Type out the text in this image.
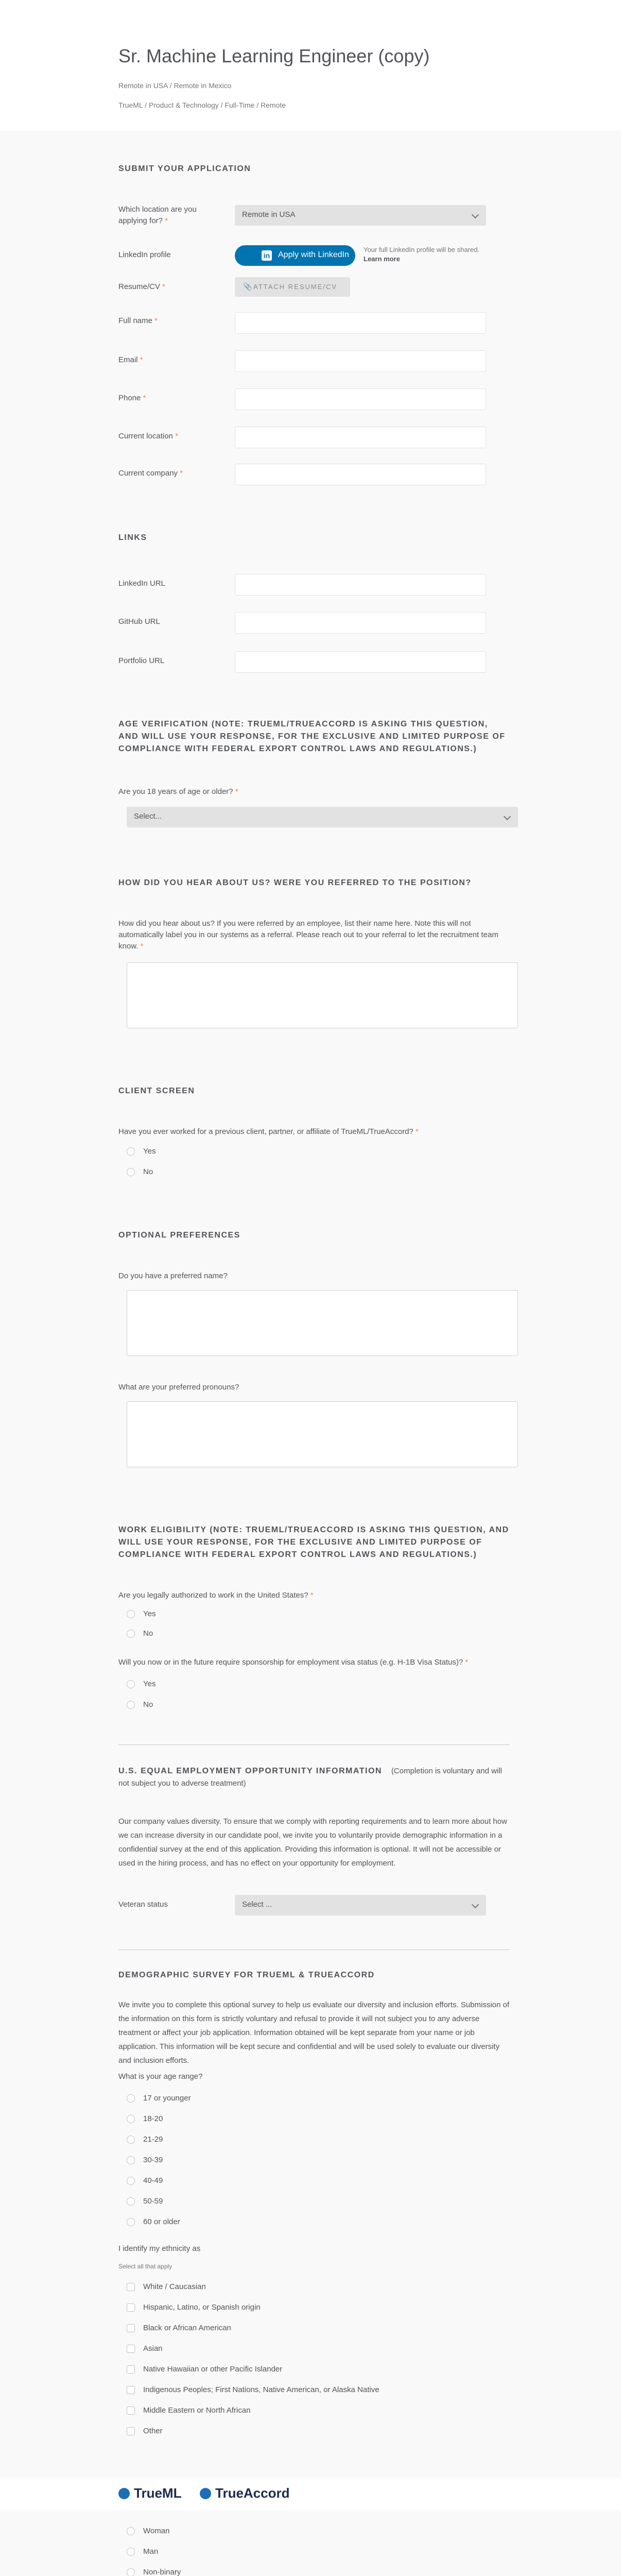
Sr. Machine Learning Engineer (copy)
Remote in USA / Remote in Mexico
TrueML / Product & Technology / Full-Time / Remote
SUBMIT YOUR APPLICATION
Which location are you applying for? *
Remote in USA
LinkedIn profile	in Apply with LinkedIn
Your full LinkedIn profile will be shared. Learn more
Resume/CV *	📎 ATTACH RESUME/CV
Full name *
Email *
Phone *
Current location *
Current company *
LINKS
LinkedIn URL
GitHub URL
Portfolio URL
AGE VERIFICATION (NOTE: TRUEML/TRUEACCORD IS ASKING THIS QUESTION, AND WILL USE YOUR RESPONSE, FOR THE EXCLUSIVE AND LIMITED PURPOSE OF COMPLIANCE WITH FEDERAL EXPORT CONTROL LAWS AND REGULATIONS.)
Are you 18 years of age or older? *
Select...
HOW DID YOU HEAR ABOUT US? WERE YOU REFERRED TO THE POSITION?
How did you hear about us? If you were referred by an employee, list their name here. Note this will not automatically label you in our systems as a referral. Please reach out to your referral to let the recruitment team know. *
CLIENT SCREEN
Have you ever worked for a previous client, partner, or affiliate of TrueML/TrueAccord? *
Yes
No
OPTIONAL PREFERENCES
Do you have a preferred name?
What are your preferred pronouns?
WORK ELIGIBILITY (NOTE: TRUEML/TRUEACCORD IS ASKING THIS QUESTION, AND WILL USE YOUR RESPONSE, FOR THE EXCLUSIVE AND LIMITED PURPOSE OF COMPLIANCE WITH FEDERAL EXPORT CONTROL LAWS AND REGULATIONS.)
Are you legally authorized to work in the United States? *
Yes
No
Will you now or in the future require sponsorship for employment visa status (e.g. H-1B Visa Status)? *
Yes
No
U.S. EQUAL EMPLOYMENT OPPORTUNITY INFORMATION (Completion is voluntary and will not subject you to adverse treatment)
Our company values diversity. To ensure that we comply with reporting requirements and to learn more about how we can increase diversity in our candidate pool, we invite you to voluntarily provide demographic information in a confidential survey at the end of this application. Providing this information is optional. It will not be accessible or used in the hiring process, and has no effect on your opportunity for employment.
Veteran status	Select ...
DEMOGRAPHIC SURVEY FOR TRUEML & TRUEACCORD
We invite you to complete this optional survey to help us evaluate our diversity and inclusion efforts. Submission of the information on this form is strictly voluntary and refusal to provide it will not subject you to any adverse treatment or affect your job application. Information obtained will be kept separate from your name or job application. This information will be kept secure and confidential and will be used solely to evaluate our diversity and inclusion efforts.
What is your age range?
17 or younger
18-20
21-29
30-39
40-49
50-59
60 or older
I identify my ethnicity as
Select all that apply
White / Caucasian
Hispanic, Latino, or Spanish origin
Black or African American
Asian
Native Hawaiian or other Pacific Islander
Indigenous Peoples; First Nations, Native American, or Alaska Native
Middle Eastern or North African
Other
TrueML	TrueAccord
Woman
Man
Non-binary
